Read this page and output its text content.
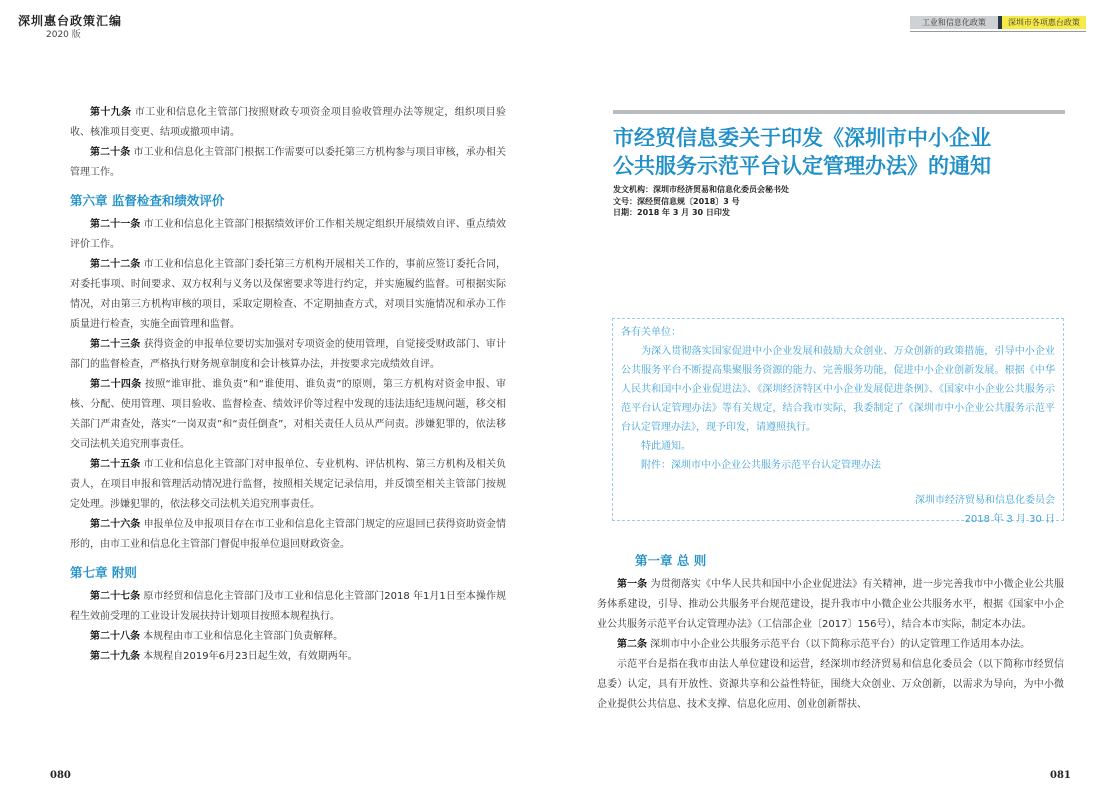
深圳惠台政策汇编
2020 版
工业和信息化政策	深圳市各项惠台政策

第十九条 市工业和信息化主管部门按照财政专项资金项目验收管理办法等规定，组织项目验收、核准项目变更、结项或撤项申请。

第二十条 市工业和信息化主管部门根据工作需要可以委托第三方机构参与项目审核，承办相关管理工作。

第六章 监督检查和绩效评价

第二十一条 市工业和信息化主管部门根据绩效评价工作相关规定组织开展绩效自评、重点绩效评价工作。

第二十二条 市工业和信息化主管部门委托第三方机构开展相关工作的，事前应签订委托合同，对委托事项、时间要求、双方权利与义务以及保密要求等进行约定，并实施履约监督。可根据实际情况，对由第三方机构审核的项目，采取定期检查、不定期抽查方式，对项目实施情况和承办工作质量进行检查，实施全面管理和监督。

第二十三条 获得资金的申报单位要切实加强对专项资金的使用管理，自觉接受财政部门、审计部门的监督检查，严格执行财务规章制度和会计核算办法，并按要求完成绩效自评。

第二十四条 按照“谁审批、谁负责”和“谁使用、谁负责”的原则，第三方机构对资金申报、审核、分配、使用管理、项目验收、监督检查、绩效评价等过程中发现的违法违纪违规问题，移交相关部门严肃查处，落实“一岗双责”和“责任倒查”，对相关责任人员从严问责。涉嫌犯罪的，依法移交司法机关追究刑事责任。

第二十五条 市工业和信息化主管部门对申报单位、专业机构、评估机构、第三方机构及相关负责人，在项目申报和管理活动情况进行监督，按照相关规定记录信用，并反馈至相关主管部门按规定处理。涉嫌犯罪的，依法移交司法机关追究刑事责任。

第二十六条 申报单位及申报项目存在市工业和信息化主管部门规定的应退回已获得资助资金情形的，由市工业和信息化主管部门督促申报单位退回财政资金。

第七章 附则

第二十七条 原市经贸和信息化主管部门及市工业和信息化主管部门2018 年1月1日至本操作规程生效前受理的工业设计发展扶持计划项目按照本规程执行。

第二十八条 本规程由市工业和信息化主管部门负责解释。

第二十九条 本规程自2019年6月23日起生效，有效期两年。

080
市经贸信息委关于印发《深圳市中小企业
公共服务示范平台认定管理办法》的通知
发文机构：深圳市经济贸易和信息化委员会秘书处
文号：深经贸信息规〔2018〕3 号
日期：2018 年 3 月 30 日印发

各有关单位：

为深入贯彻落实国家促进中小企业发展和鼓励大众创业、万众创新的政策措施，引导中小企业公共服务平台不断提高集聚服务资源的能力、完善服务功能，促进中小企业创新发展。根据《中华人民共和国中小企业促进法》、《深圳经济特区中小企业发展促进条例》、《国家中小企业公共服务示范平台认定管理办法》等有关规定，结合我市实际，我委制定了《深圳市中小企业公共服务示范平台认定管理办法》，现予印发，请遵照执行。

特此通知。

附件：深圳市中小企业公共服务示范平台认定管理办法

深圳市经济贸易和信息化委员会

2018 年 3 月 30 日

第一章 总 则

第一条 为贯彻落实《中华人民共和国中小企业促进法》有关精神，进一步完善我市中小微企业公共服务体系建设，引导、推动公共服务平台规范建设，提升我市中小微企业公共服务水平，根据《国家中小企业公共服务示范平台认定管理办法》（工信部企业〔2017〕156号），结合本市实际，制定本办法。

第二条 深圳市中小企业公共服务示范平台（以下简称示范平台）的认定管理工作适用本办法。

示范平台是指在我市由法人单位建设和运营，经深圳市经济贸易和信息化委员会（以下简称市经贸信息委）认定，具有开放性、资源共享和公益性特征，围绕大众创业、万众创新，以需求为导向，为中小微企业提供公共信息、技术支撑、信息化应用、创业创新帮扶、

081
